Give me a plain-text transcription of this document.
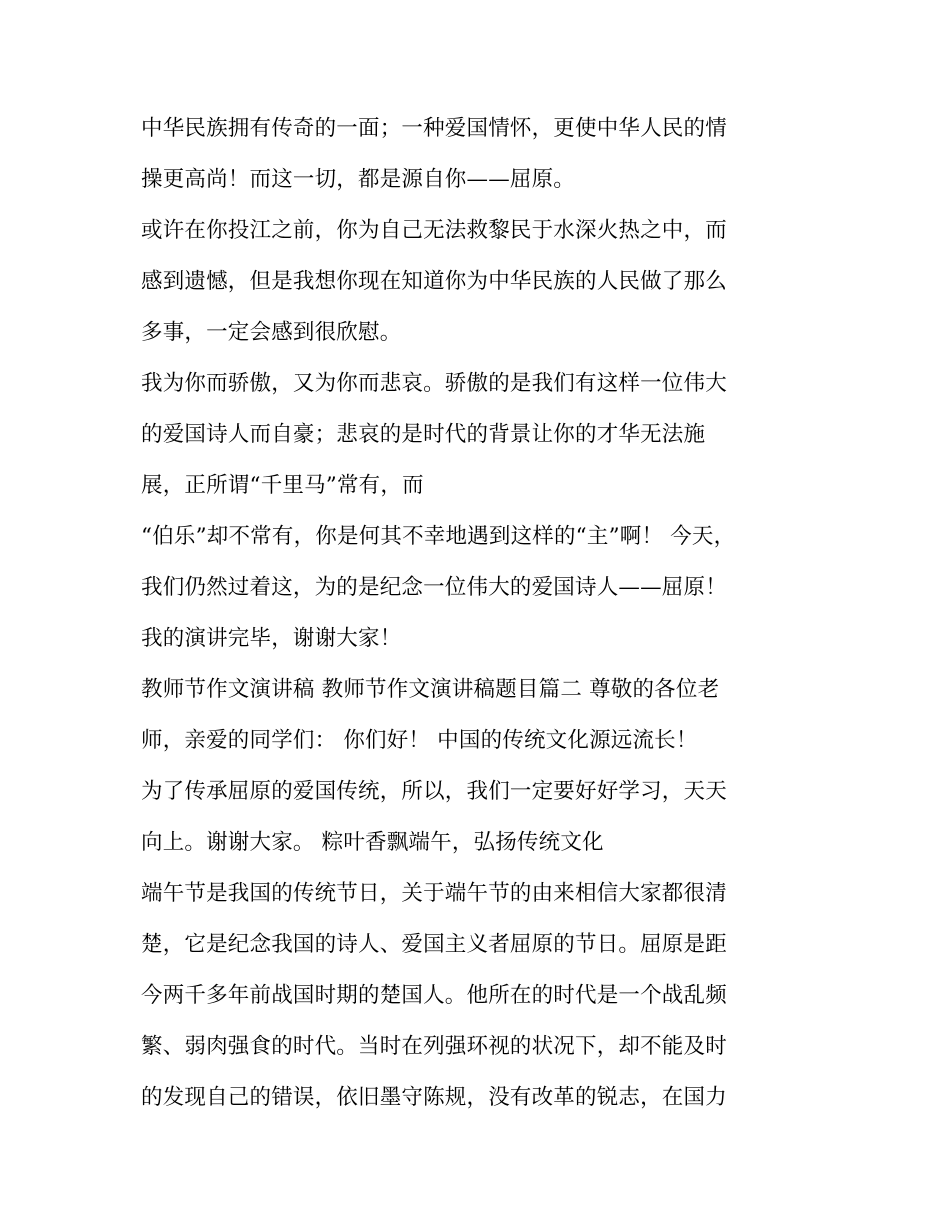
中华民族拥有传奇的一面；一种爱国情怀，更使中华人民的情
操更高尚！而这一切，都是源自你——屈原。

或许在你投江之前，你为自己无法救黎民于水深火热之中，而
感到遗憾，但是我想你现在知道你为中华民族的人民做了那么
多事，一定会感到很欣慰。

我为你而骄傲，又为你而悲哀。骄傲的是我们有这样一位伟大
的爱国诗人而自豪；悲哀的是时代的背景让你的才华无法施
展，正所谓“千里马”常有，而

“伯乐”却不常有，你是何其不幸地遇到这样的“主”啊！ 今天，
我们仍然过着这，为的是纪念一位伟大的爱国诗人——屈原！
我的演讲完毕，谢谢大家！

教师节作文演讲稿 教师节作文演讲稿题目篇二 尊敬的各位老
师，亲爱的同学们： 你们好！ 中国的传统文化源远流长！

为了传承屈原的爱国传统，所以，我们一定要好好学习，天天
向上。谢谢大家。 粽叶香飘端午，弘扬传统文化

端午节是我国的传统节日，关于端午节的由来相信大家都很清
楚，它是纪念我国的诗人、爱国主义者屈原的节日。屈原是距
今两千多年前战国时期的楚国人。他所在的时代是一个战乱频
繁、弱肉强食的时代。当时在列强环视的状况下，却不能及时
的发现自己的错误，依旧墨守陈规，没有改革的锐志，在国力
